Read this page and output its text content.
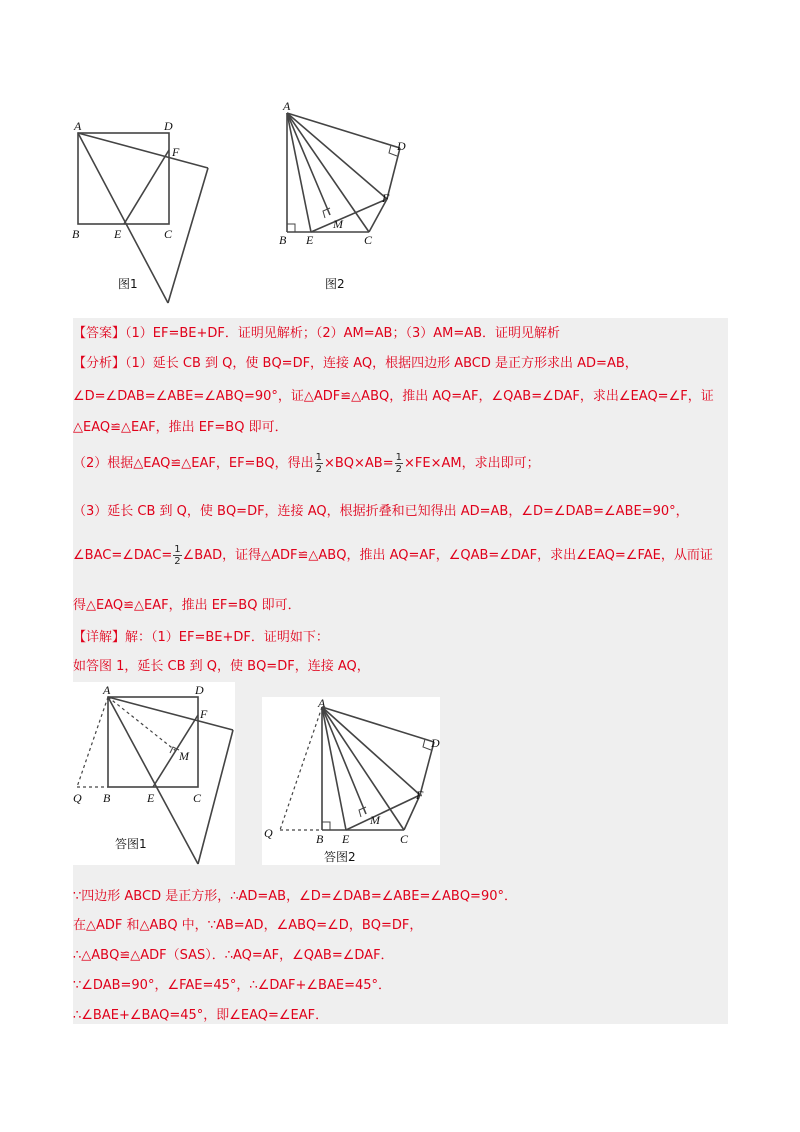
A	D
F
B	E	C
图1
A
D
F
M
B E	C
图2
【答案】（1）EF=BE+DF．证明见解析；（2）AM=AB；（3）AM=AB．证明见解析
【分析】（1）延长 CB 到 Q，使 BQ=DF，连接 AQ，根据四边形 ABCD 是正方形求出 AD=AB，
∠D=∠DAB=∠ABE=∠ABQ=90°，证△ADF≌△ABQ，推出 AQ=AF，∠QAB=∠DAF，求出∠EAQ=∠F，证
△EAQ≌△EAF，推出 EF=BQ 即可．
（2）根据△EAQ≌△EAF，EF=BQ，得出 $\frac{1}{2} \times BQ\times AB= \frac{1}{2} \times FE\times AM$，求出即可；
（3）延长 CB 到 Q，使 BQ=DF，连接 AQ，根据折叠和已知得出 AD=AB，∠D=∠DAB=∠ABE=90°，
∠BAC=∠DAC= $\frac{1}{2}$ ∠BAD，证得△ADF≌△ABQ，推出 AQ=AF，∠QAB=∠DAF，求出∠EAQ=∠FAE，从而证
得△EAQ≌△EAF，推出 EF=BQ 即可．
【详解】解：（1）EF=BE+DF．证明如下：
如答图 1，延长 CB 到 Q，使 BQ=DF，连接 AQ，
A	D
F
M
Q B	E	C
答图1
A
D
F
M
Q	B E	C
答图2
∵四边形 ABCD 是正方形，∴AD=AB，∠D=∠DAB=∠ABE=∠ABQ=90°．
在△ADF 和△ABQ 中，∵AB=AD，∠ABQ=∠D，BQ=DF，
∴△ABQ≌△ADF（SAS）．∴AQ=AF，∠QAB=∠DAF．
∵∠DAB=90°，∠FAE=45°，∴∠DAF+∠BAE=45°．
∴∠BAE+∠BAQ=45°，即∠EAQ=∠EAF．
